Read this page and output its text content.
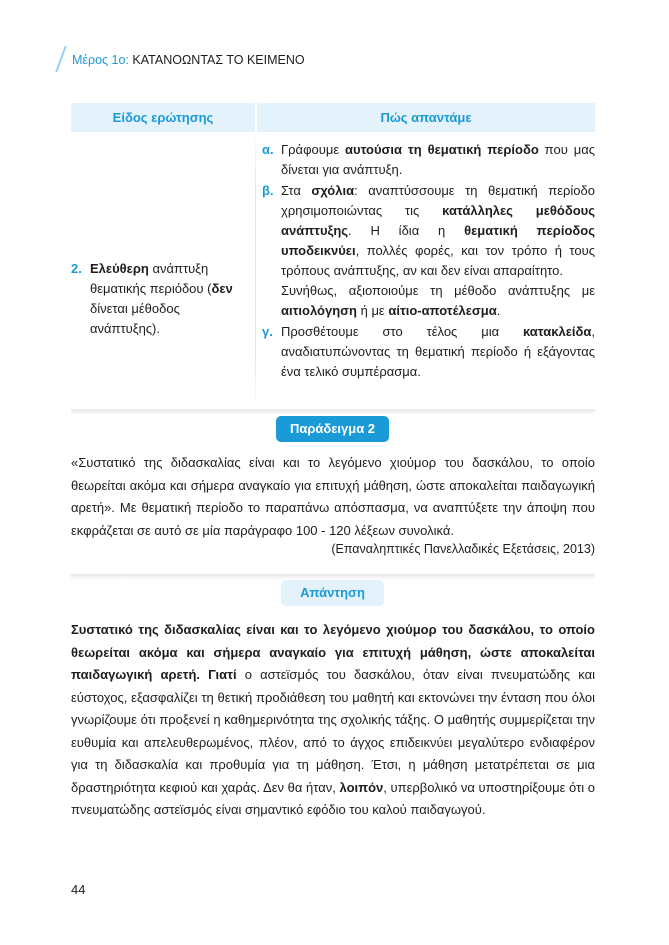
Μέρος 1ο: ΚΑΤΑΝΟΩΝΤΑΣ ΤΟ ΚΕΙΜΕΝΟ
Είδος ερώτησης	Πώς απαντάμε
2. Ελεύθερη ανάπτυξη θεματικής περιόδου (δεν δίνεται μέθοδος ανάπτυξης).
α. Γράφουμε αυτούσια τη θεματική περίοδο που μας δίνεται για ανάπτυξη.
β. Στα σχόλια: αναπτύσσουμε τη θεματική περίοδο χρησιμοποιώντας τις κατάλληλες μεθόδους ανάπτυξης. Η ίδια η θεματική περίοδος υποδεικνύει, πολλές φορές, και τον τρόπο ή τους τρόπους ανάπτυξης, αν και δεν είναι απαραίτητο.
Συνήθως, αξιοποιούμε τη μέθοδο ανάπτυξης με αιτιολόγηση ή με αίτιο-αποτέλεσμα.
γ. Προσθέτουμε στο τέλος μια κατακλείδα, αναδιατυπώνοντας τη θεματική περίοδο ή εξάγοντας ένα τελικό συμπέρασμα.
Παράδειγμα 2
«Συστατικό της διδασκαλίας είναι και το λεγόμενο χιούμορ του δασκάλου, το οποίο θεωρείται ακόμα και σήμερα αναγκαίο για επιτυχή μάθηση, ώστε αποκαλείται παιδαγωγική αρετή». Με θεματική περίοδο το παραπάνω απόσπασμα, να αναπτύξετε την άποψη που εκφράζεται σε αυτό σε μία παράγραφο 100 - 120 λέξεων συνολικά.
(Επαναληπτικές Πανελλαδικές Εξετάσεις, 2013)
Απάντηση
Συστατικό της διδασκαλίας είναι και το λεγόμενο χιούμορ του δασκάλου, το οποίο θεωρείται ακόμα και σήμερα αναγκαίο για επιτυχή μάθηση, ώστε αποκαλείται παιδαγωγική αρετή. Γιατί ο αστεϊσμός του δασκάλου, όταν είναι πνευματώδης και εύστοχος, εξασφαλίζει τη θετική προδιάθεση του μαθητή και εκτονώνει την ένταση που όλοι γνωρίζουμε ότι προξενεί η καθημερινότητα της σχολικής τάξης. Ο μαθητής συμμερίζεται την ευθυμία και απελευθερωμένος, πλέον, από το άγχος επιδεικνύει μεγαλύτερο ενδιαφέρον για τη διδασκαλία και προθυμία για τη μάθηση. Έτσι, η μάθηση μετατρέπεται σε μια δραστηριότητα κεφιού και χαράς. Δεν θα ήταν, λοιπόν, υπερβολικό να υποστηρίξουμε ότι ο πνευματώδης αστεϊσμός είναι σημαντικό εφόδιο του καλού παιδαγωγού.
44
